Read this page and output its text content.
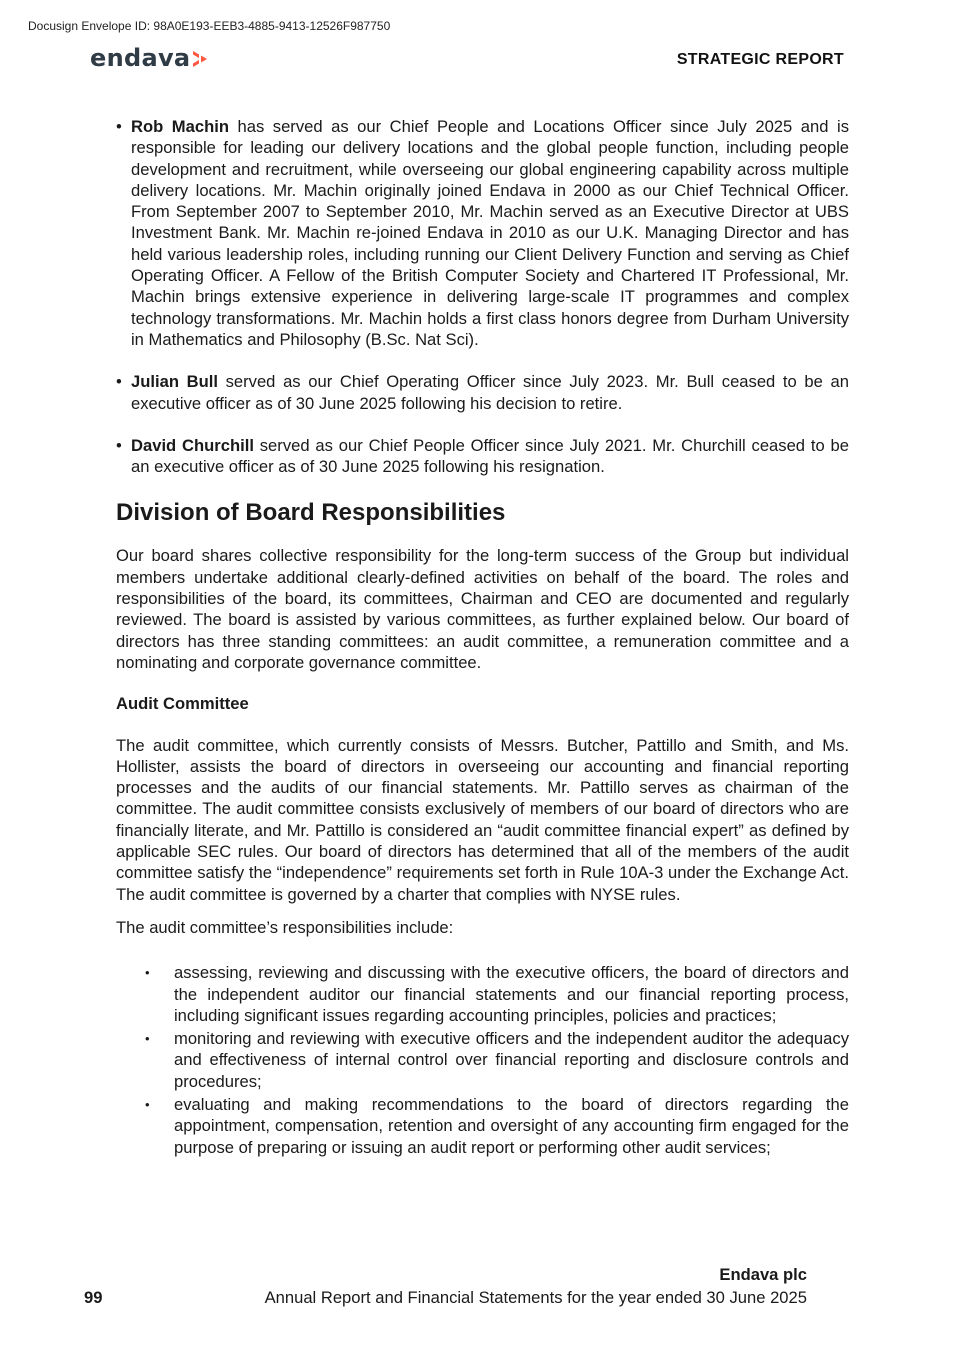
Docusign Envelope ID: 98A0E193-EEB3-4885-9413-12526F987750
endava	STRATEGIC REPORT
• Rob Machin has served as our Chief People and Locations Officer since July 2025 and is responsible for leading our delivery locations and the global people function, including people development and recruitment, while overseeing our global engineering capability across multiple delivery locations. Mr. Machin originally joined Endava in 2000 as our Chief Technical Officer. From September 2007 to September 2010, Mr. Machin served as an Executive Director at UBS Investment Bank. Mr. Machin re-joined Endava in 2010 as our U.K. Managing Director and has held various leadership roles, including running our Client Delivery Function and serving as Chief Operating Officer. A Fellow of the British Computer Society and Chartered IT Professional, Mr. Machin brings extensive experience in delivering large-scale IT programmes and complex technology transformations. Mr. Machin holds a first class honors degree from Durham University in Mathematics and Philosophy (B.Sc. Nat Sci).
• Julian Bull served as our Chief Operating Officer since July 2023. Mr. Bull ceased to be an executive officer as of 30 June 2025 following his decision to retire.
• David Churchill served as our Chief People Officer since July 2021. Mr. Churchill ceased to be an executive officer as of 30 June 2025 following his resignation.
Division of Board Responsibilities

Our board shares collective responsibility for the long-term success of the Group but individual members undertake additional clearly-defined activities on behalf of the board. The roles and responsibilities of the board, its committees, Chairman and CEO are documented and regularly reviewed. The board is assisted by various committees, as further explained below. Our board of directors has three standing committees: an audit committee, a remuneration committee and a nominating and corporate governance committee.

Audit Committee

The audit committee, which currently consists of Messrs. Butcher, Pattillo and Smith, and Ms. Hollister, assists the board of directors in overseeing our accounting and financial reporting processes and the audits of our financial statements. Mr. Pattillo serves as chairman of the committee. The audit committee consists exclusively of members of our board of directors who are financially literate, and Mr. Pattillo is considered an “audit committee financial expert” as defined by applicable SEC rules. Our board of directors has determined that all of the members of the audit committee satisfy the “independence” requirements set forth in Rule 10A-3 under the Exchange Act. The audit committee is governed by a charter that complies with NYSE rules.

The audit committee’s responsibilities include:

• assessing, reviewing and discussing with the executive officers, the board of directors and the independent auditor our financial statements and our financial reporting process, including significant issues regarding accounting principles, policies and practices;
• monitoring and reviewing with executive officers and the independent auditor the adequacy and effectiveness of internal control over financial reporting and disclosure controls and procedures;
• evaluating and making recommendations to the board of directors regarding the appointment, compensation, retention and oversight of any accounting firm engaged for the purpose of preparing or issuing an audit report or performing other audit services;
Endava plc
99	Annual Report and Financial Statements for the year ended 30 June 2025
